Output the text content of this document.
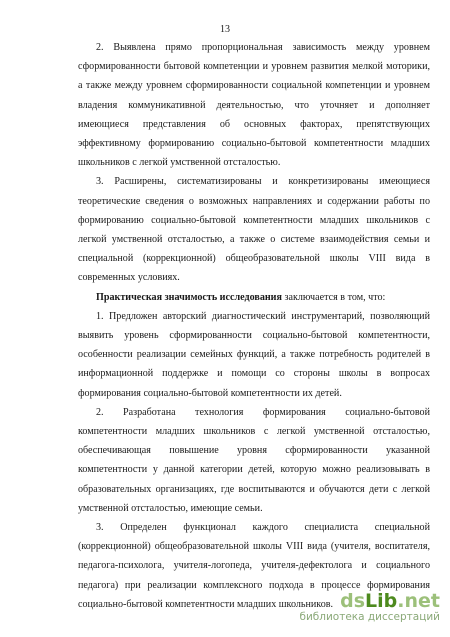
13

2. Выявлена прямо пропорциональная зависимость между уровнем сформированности бытовой компетенции и уровнем развития мелкой моторики, а также между уровнем сформированности социальной компетенции и уровнем владения коммуникативной деятельностью, что уточняет и дополняет имеющиеся представления об основных факторах, препятствующих эффективному формированию социально-бытовой компетентности младших школьников с легкой умственной отсталостью.

3. Расширены, систематизированы и конкретизированы имеющиеся теоретические сведения о возможных направлениях и содержании работы по формированию социально-бытовой компетентности младших школьников с легкой умственной отсталостью, а также о системе взаимодействия семьи и специальной (коррекционной) общеобразовательной школы VIII вида в современных условиях.

Практическая значимость исследования заключается в том, что:

1. Предложен авторский диагностический инструментарий, позволяющий выявить уровень сформированности социально-бытовой компетентности, особенности реализации семейных функций, а также потребность родителей в информационной поддержке и помощи со стороны школы в вопросах формирования социально-бытовой компетентности их детей.

2. Разработана технология формирования социально-бытовой компетентности младших школьников с легкой умственной отсталостью, обеспечивающая повышение уровня сформированности указанной компетентности у данной категории детей, которую можно реализовывать в образовательных организациях, где воспитываются и обучаются дети с легкой умственной отсталостью, имеющие семьи.

3. Определен функционал каждого специалиста специальной (коррекционной) общеобразовательной школы VIII вида (учителя, воспитателя, педагога-психолога, учителя-логопеда, учителя-дефектолога и социального педагога) при реализации комплексного подхода в процессе формирования социально-бытовой компетентности младших школьников. dsLib.net
библиотека диссертаций
